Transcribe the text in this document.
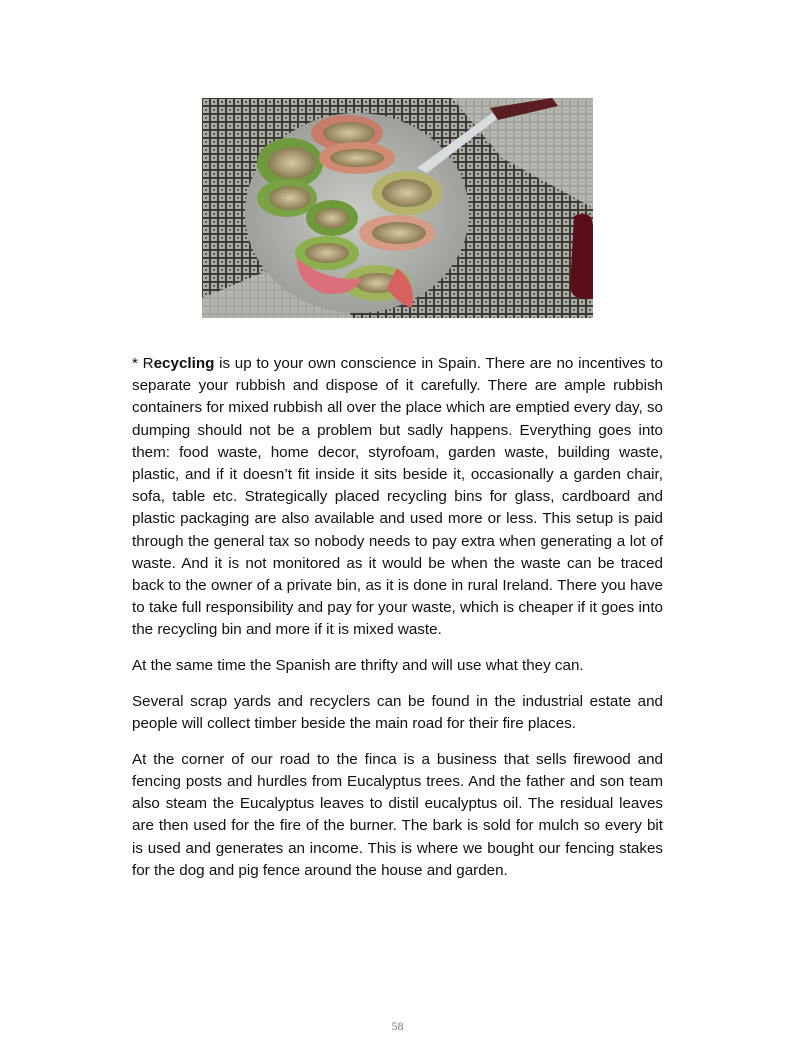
* Recycling is up to your own conscience in Spain. There are no incentives to separate your rubbish and dispose of it carefully. There are ample rubbish containers for mixed rubbish all over the place which are emptied every day, so dumping should not be a problem but sadly happens. Everything goes into them: food waste, home decor, styrofoam, garden waste, building waste, plastic, and if it doesn’t fit inside it sits beside it, occasionally a garden chair, sofa, table etc. Strategically placed recycling bins for glass, cardboard and plastic packaging are also available and used more or less. This setup is paid through the general tax so nobody needs to pay extra when generating a lot of waste. And it is not monitored as it would be when the waste can be traced back to the owner of a private bin, as it is done in rural Ireland. There you have to take full responsibility and pay for your waste, which is cheaper if it goes into the recycling bin and more if it is mixed waste.

At the same time the Spanish are thrifty and will use what they can.

Several scrap yards and recyclers can be found in the industrial estate and people will collect timber beside the main road for their fire places.

At the corner of our road to the finca is a business that sells firewood and fencing posts and hurdles from Eucalyptus trees. And the father and son team also steam the Eucalyptus leaves to distil eucalyptus oil. The residual leaves are then used for the fire of the burner. The bark is sold for mulch so every bit is used and generates an income. This is where we bought our fencing stakes for the dog and pig fence around the house and garden.

58
